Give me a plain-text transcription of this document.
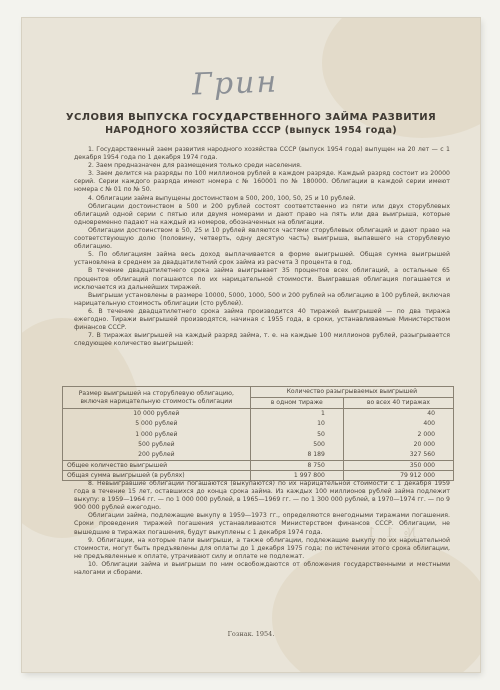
Грин
УСЛОВИЯ ВЫПУСКА ГОСУДАРСТВЕННОГО ЗАЙМА РАЗВИТИЯ
НАРОДНОГО ХОЗЯЙСТВА СССР (выпуск 1954 года)

1. Государственный заем развития народного хозяйства СССР (выпуск 1954 года) выпущен на 20 лет — с 1 декабря 1954 года по 1 декабря 1974 года.

2. Заем предназначен для размещения только среди населения.

3. Заем делится на разряды по 100 миллионов рублей в каждом разряде. Каждый разряд состоит из 20000 серий. Серии каждого разряда имеют номера с № 160001 по № 180000. Облигации в каждой серии имеют номера с № 01 по № 50.

4. Облигации займа выпущены достоинством в 500, 200, 100, 50, 25 и 10 рублей.

Облигации достоинством в 500 и 200 рублей состоят соответственно из пяти или двух сторублевых облигаций одной серии с пятью или двумя номерами и дают право на пять или два выигрыша, которые одновременно падают на каждый из номеров, обозначенных на облигации.

Облигации достоинством в 50, 25 и 10 рублей являются частями сторублевых облигаций и дают право на соответствующую долю (половину, четверть, одну десятую часть) выигрыша, выпавшего на сторублевую облигацию.

5. По облигациям займа весь доход выплачивается в форме выигрышей. Общая сумма выигрышей установлена в среднем за двадцатилетний срок займа из расчета 3 процента в год.

В течение двадцатилетнего срока займа выигрывает 35 процентов всех облигаций, а остальные 65 процентов облигаций погашаются по их нарицательной стоимости. Выигравшая облигация погашается и исключается из дальнейших тиражей.

Выигрыши установлены в размере 10000, 5000, 1000, 500 и 200 рублей на облигацию в 100 рублей, включая нарицательную стоимость облигации (сто рублей).

6. В течение двадцатилетнего срока займа производится 40 тиражей выигрышей — по два тиража ежегодно. Тиражи выигрышей производятся, начиная с 1955 года, в сроки, устанавливаемые Министерством финансов СССР.

7. В тиражах выигрышей на каждый разряд займа, т. е. на каждые 100 миллионов рублей, разыгрывается следующее количество выигрышей:

Размер выигрышей на сторублевую облигацию, включая нарицательную стоимость облигации	Количество разыгрываемых выигрышей	
	в одном тираже	во всех 40 тиражах
10 000 рублей	1	40
5 000 рублей	10	400
1 000 рублей	50	2 000
500 рублей	500	20 000
200 рублей	8 189	327 560
Общее количество выигрышей	8 750	350 000
Общая сумма выигрышей (в рублях)	1 997 800	79 912 000

8. Невыигравшие облигации погашаются (выкупаются) по их нарицательной стоимости с 1 декабря 1959 года в течение 15 лет, оставшихся до конца срока займа. Из каждых 100 миллионов рублей займа подлежит выкупу: в 1959—1964 гг. — по 1 000 000 рублей, в 1965—1969 гг. — по 1 300 000 рублей, в 1970—1974 гг. — по 9 900 000 рублей ежегодно.

Облигации займа, подлежащие выкупу в 1959—1973 гг., определяются внегодными тиражами погашения. Сроки проведения тиражей погашения устанавливаются Министерством финансов СССР. Облигации, не вышедшие в тиражах погашения, будут выкуплены с 1 декабря 1974 года.

9. Облигации, на которые пали выигрыши, а также облигации, подлежащие выкупу по их нарицательной стоимости, могут быть предъявлены для оплаты до 1 декабря 1975 года; по истечении этого срока облигации, не предъявленные к оплате, утрачивают силу и оплате не подлежат.

10. Облигации займа и выигрыши по ним освобождаются от обложения государственными и местными налогами и сборами.

№ 1 1
Гознак. 1954.
